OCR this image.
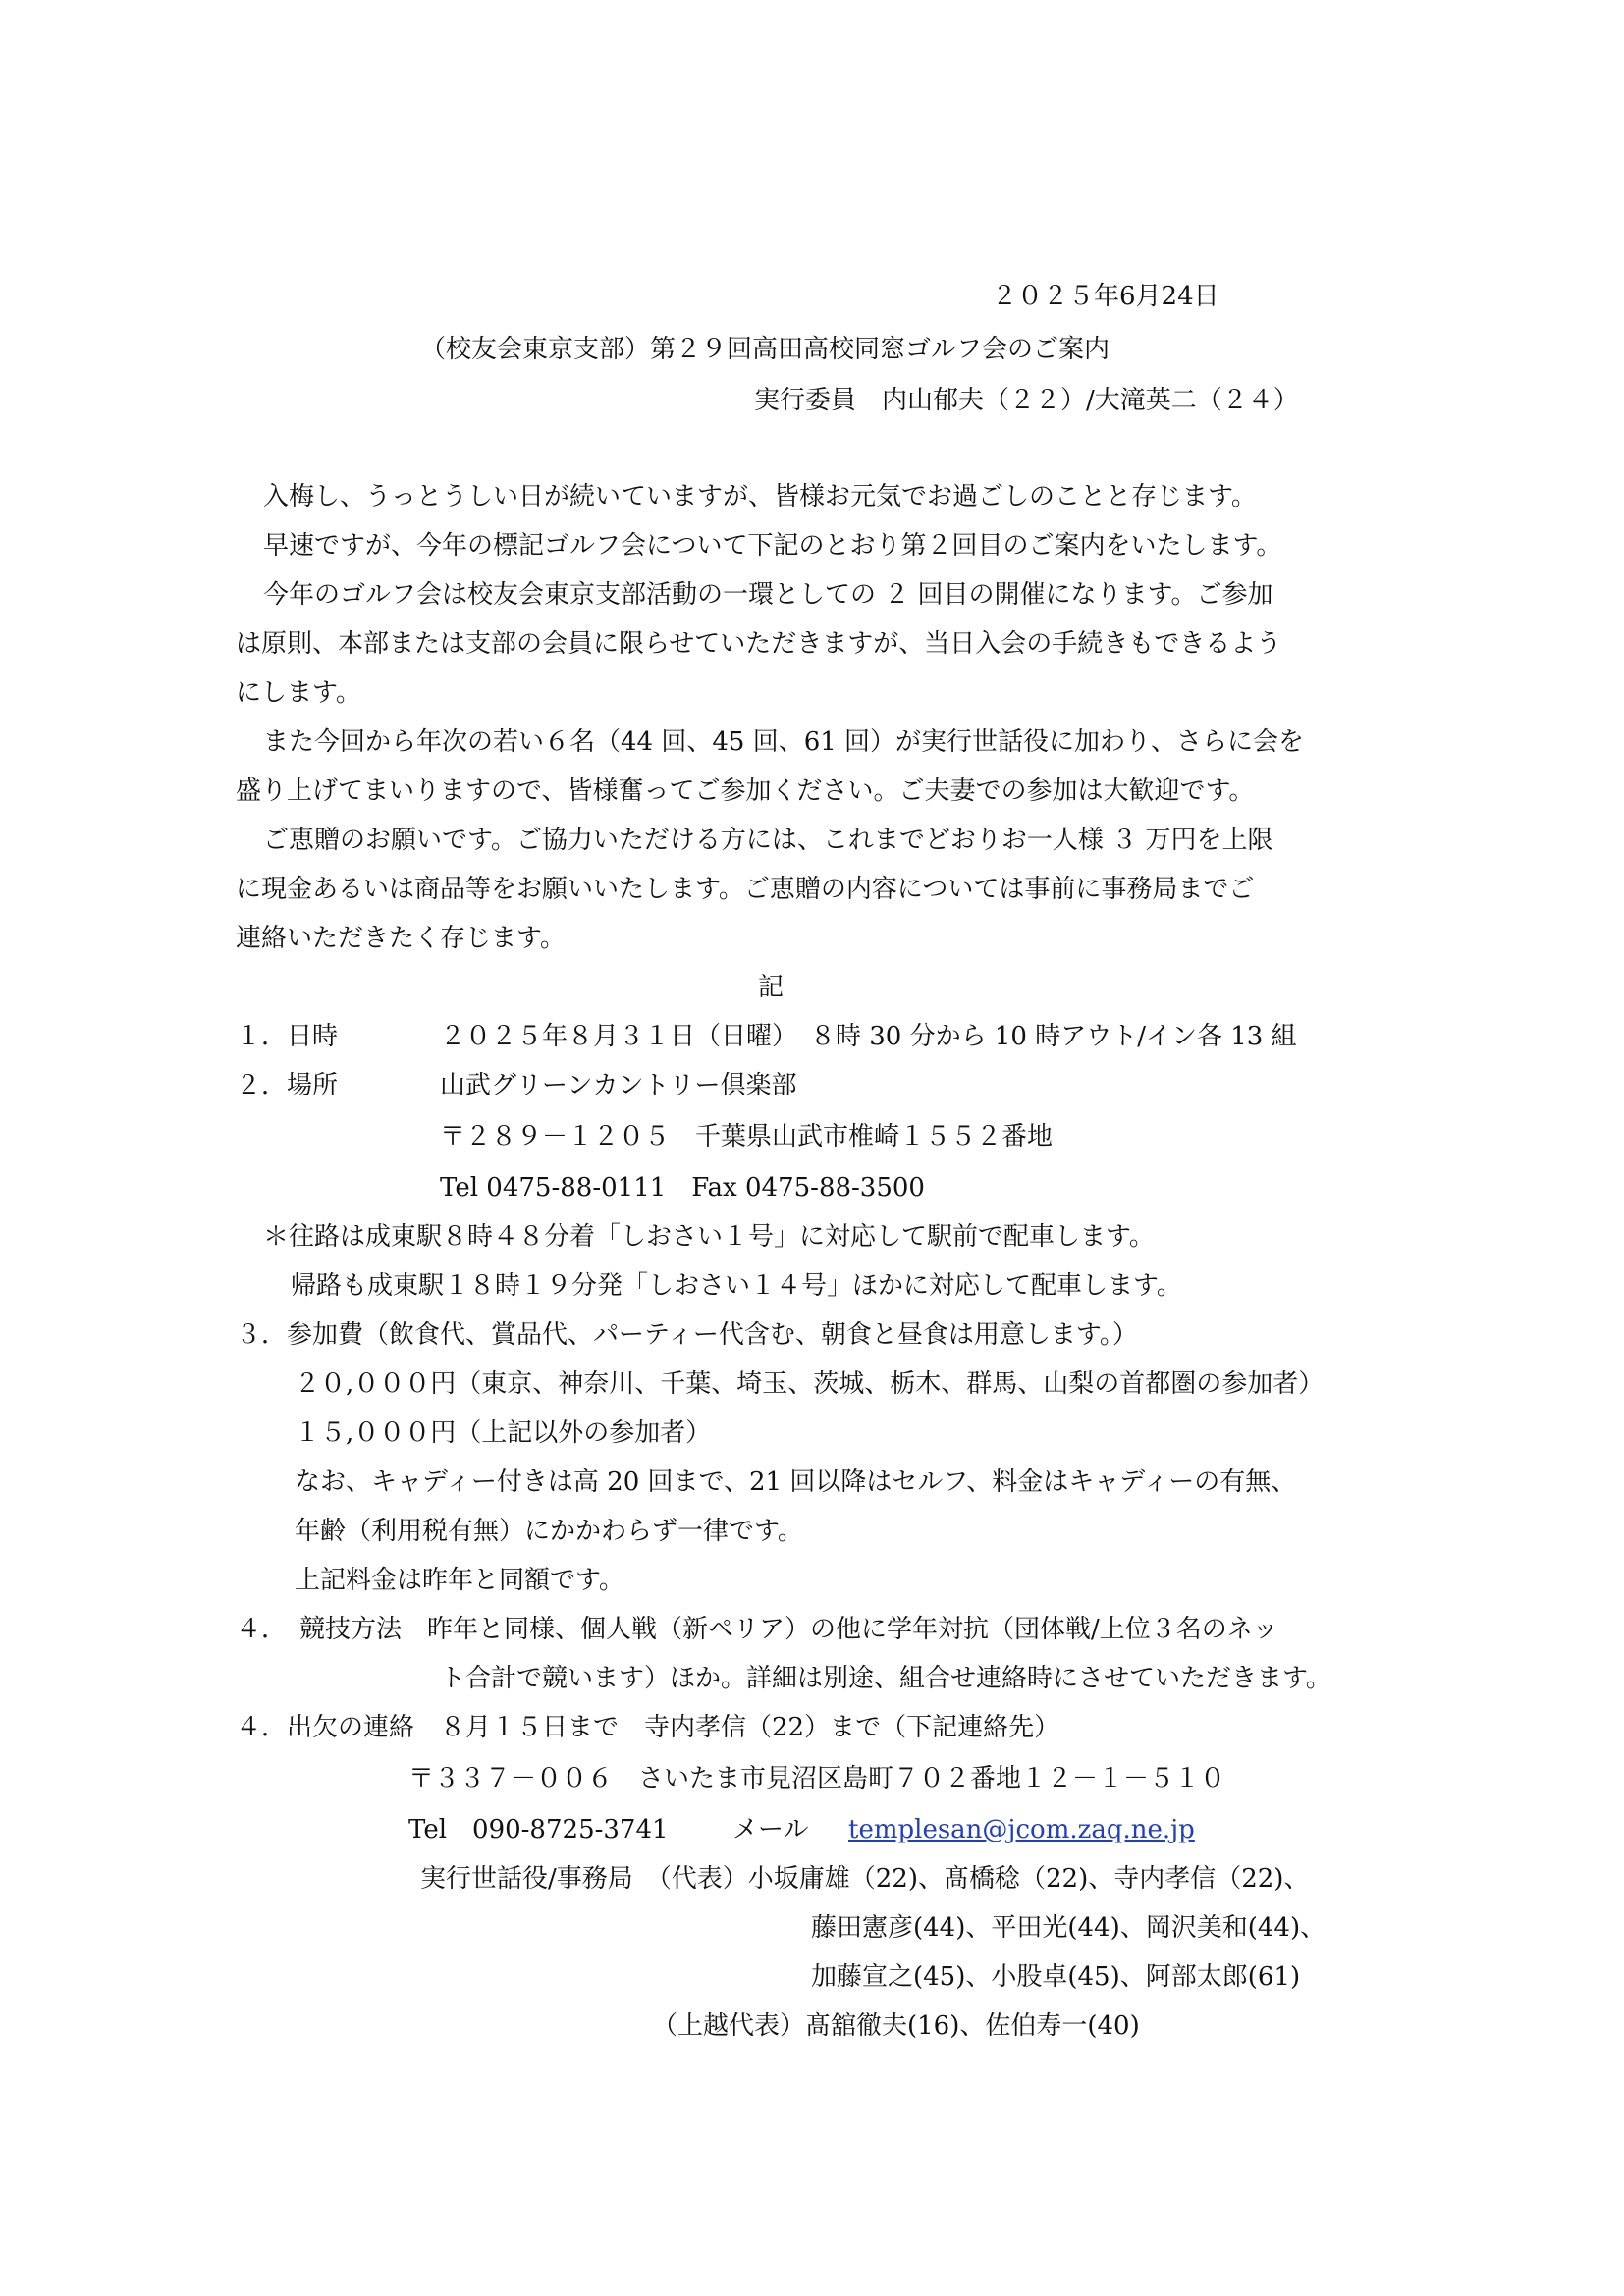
２０２５年6月24日

（校友会東京支部）第２９回高田高校同窓ゴルフ会のご案内

実行委員　内山郁夫（２２）/大滝英二（２４）

入梅し、うっとうしい日が続いていますが、皆様お元気でお過ごしのことと存じます。

早速ですが、今年の標記ゴルフ会について下記のとおり第２回目のご案内をいたします。

今年のゴルフ会は校友会東京支部活動の一環としての ２ 回目の開催になります。ご参加

は原則、本部または支部の会員に限らせていただきますが、当日入会の手続きもできるよう

にします。

また今回から年次の若い６名（44 回、45 回、61 回）が実行世話役に加わり、さらに会を

盛り上げてまいりますので、皆様奮ってご参加ください。ご夫妻での参加は大歓迎です。

ご恵贈のお願いです。ご協力いただける方には、これまでどおりお一人様 ３ 万円を上限

に現金あるいは商品等をお願いいたします。ご恵贈の内容については事前に事務局までご

連絡いただきたく存じます。

記

１．日時	２０２５年８月３１日（日曜）　８時 30 分から 10 時アウト/イン各 13 組

２．場所	山武グリーンカントリー倶楽部

〒２８９－１２０５　千葉県山武市椎崎１５５２番地

Tel 0475-88-0111　Fax 0475-88-3500

＊往路は成東駅８時４８分着「しおさい１号」に対応して駅前で配車します。

帰路も成東駅１８時１９分発「しおさい１４号」ほかに対応して配車します。

３．参加費（飲食代、賞品代、パーティー代含む、朝食と昼食は用意します。）

２０,０００円（東京、神奈川、千葉、埼玉、茨城、栃木、群馬、山梨の首都圏の参加者）

１５,０００円（上記以外の参加者）

なお、キャディー付きは高 20 回まで、21 回以降はセルフ、料金はキャディーの有無、

年齢（利用税有無）にかかわらず一律です。

上記料金は昨年と同額です。

４．　競技方法　昨年と同様、個人戦（新ペリア）の他に学年対抗（団体戦/上位３名のネッ

ト合計で競います）ほか。詳細は別途、組合せ連絡時にさせていただきます。

４．出欠の連絡　８月１５日まで　寺内孝信（22）まで（下記連絡先）

〒３３７－００６　さいたま市見沼区島町７０２番地１２－１－５１０

Tel　090-8725-3741	メール templesan@jcom.zaq.ne.jp

実行世話役/事務局　（代表）小坂庸雄（22)、髙橋稔（22)、寺内孝信（22)、

藤田憲彦(44)、平田光(44)、岡沢美和(44)、

加藤宣之(45)、小股卓(45)、阿部太郎(61)

（上越代表）髙舘徹夫(16)、佐伯寿一(40)
